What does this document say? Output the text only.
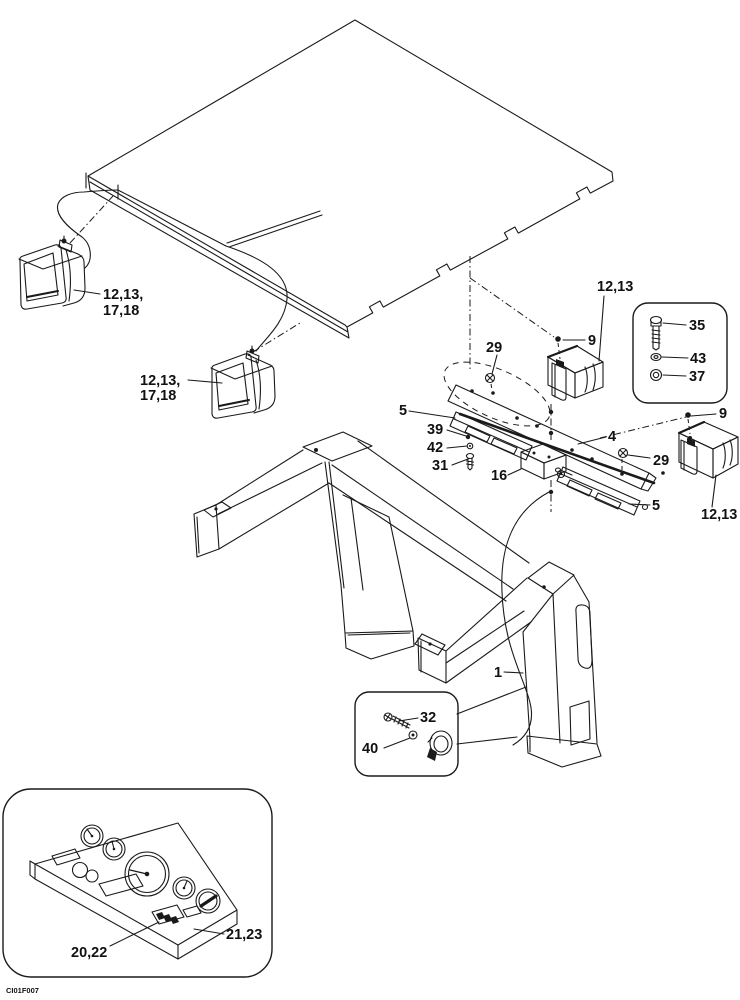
12,13,
17,18
12,13,
17,18
12,13
29	9
35
43
37
9
29
4
5
39
42
31
16
5
12,13
1
32
40
21,23
20,22
CI01F007
